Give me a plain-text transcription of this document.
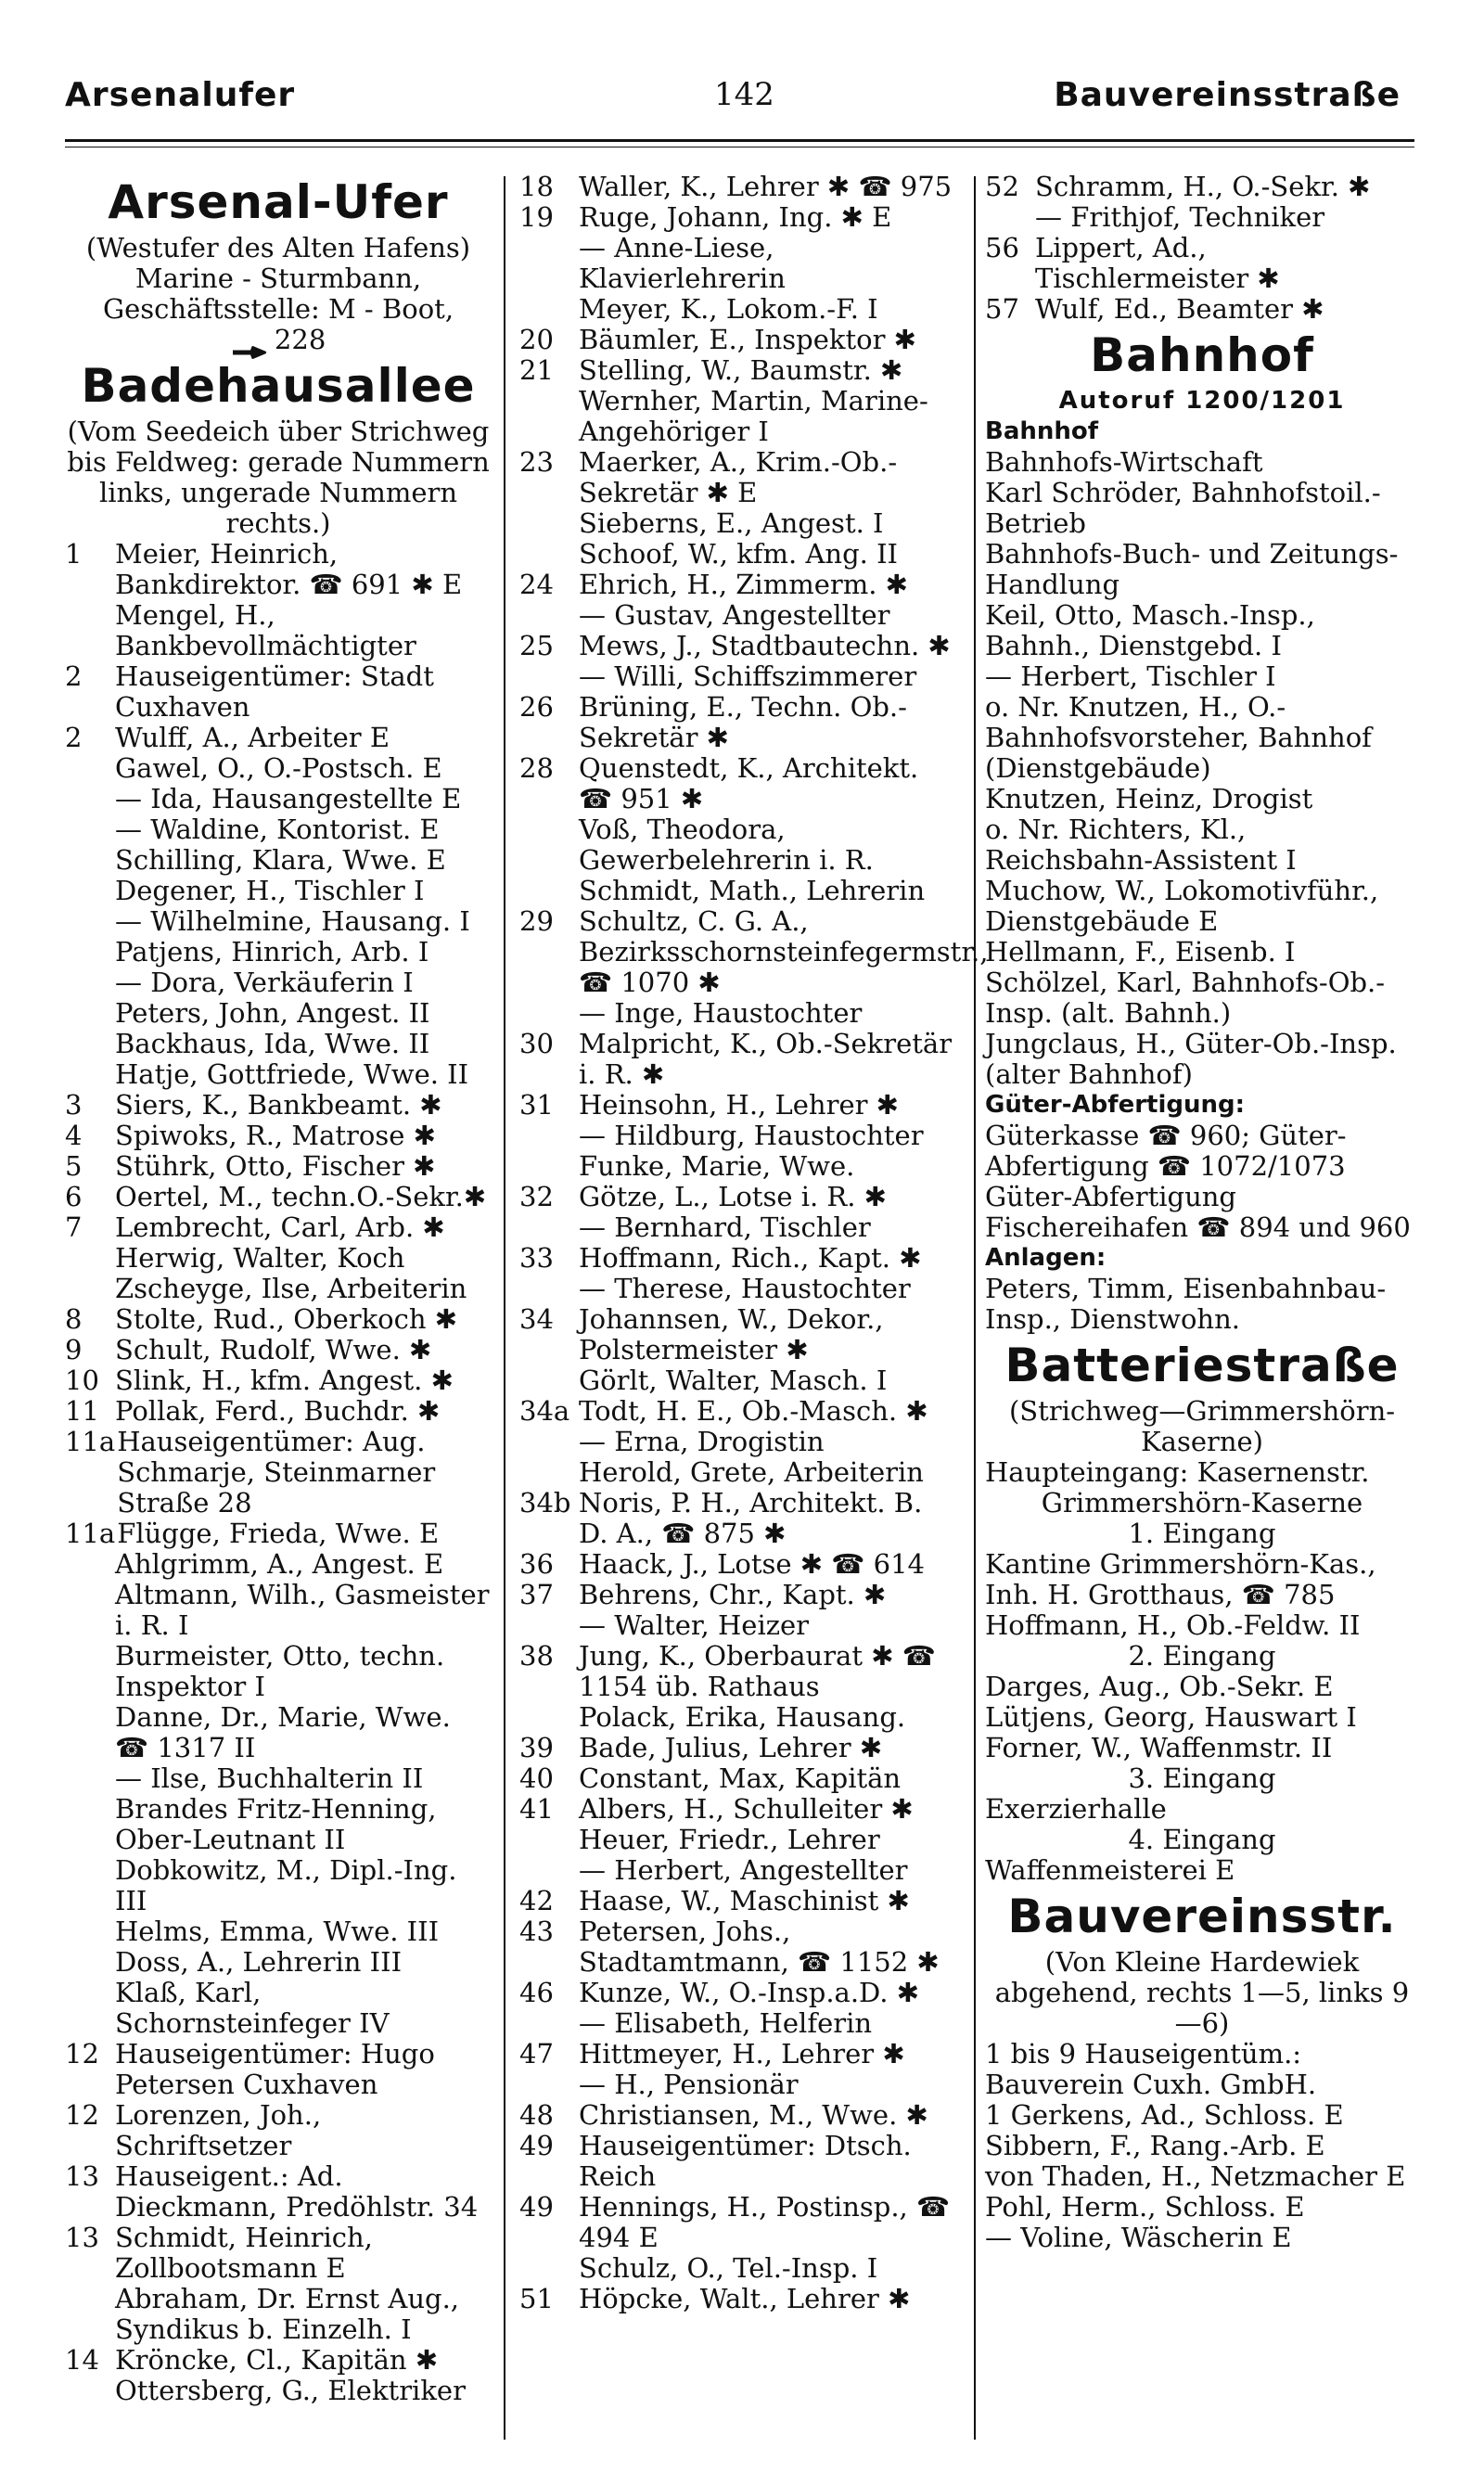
Arsenalufer	142	Bauvereinsstraße
Arsenal-Ufer
(Westufer des Alten Hafens)
Marine - Sturmbann, Geschäftsstelle: M - Boot,
228
Badehausallee
(Vom Seedeich über Strichweg bis Feldweg: gerade Nummern links, ungerade Nummern rechts.)
1	Meier, Heinrich, Bankdirektor. ☎ 691 ✱ E
Mengel, H., Bankbevollmächtigter
2	Hauseigentümer: Stadt Cuxhaven
2	Wulff, A., Arbeiter E
Gawel, O., O.-Postsch. E
— Ida, Hausangestellte E
— Waldine, Kontorist. E
Schilling, Klara, Wwe. E
Degener, H., Tischler I
— Wilhelmine, Hausang. I
Patjens, Hinrich, Arb. I
— Dora, Verkäuferin I
Peters, John, Angest. II
Backhaus, Ida, Wwe. II
Hatje, Gottfriede, Wwe. II
3	Siers, K., Bankbeamt. ✱
4	Spiwoks, R., Matrose ✱
5	Stührk, Otto, Fischer ✱
6	Oertel, M., techn.O.-Sekr.✱
7	Lembrecht, Carl, Arb. ✱
Herwig, Walter, Koch
Zscheyge, Ilse, Arbeiterin
8	Stolte, Rud., Oberkoch ✱
9	Schult, Rudolf, Wwe. ✱
10 Slink, H., kfm. Angest. ✱
11 Pollak, Ferd., Buchdr. ✱
11a Hauseigentümer: Aug. Schmarje, Steinmarner Straße 28
11a Flügge, Frieda, Wwe. E
Ahlgrimm, A., Angest. E
Altmann, Wilh., Gasmeister i. R. I
Burmeister, Otto, techn. Inspektor I
Danne, Dr., Marie, Wwe. ☎ 1317 II
— Ilse, Buchhalterin II
Brandes Fritz-Henning, Ober-Leutnant II
Dobkowitz, M., Dipl.-Ing. III
Helms, Emma, Wwe. III
Doss, A., Lehrerin III
Klaß, Karl, Schornsteinfeger IV
12 Hauseigentümer: Hugo Petersen Cuxhaven
12 Lorenzen, Joh., Schriftsetzer
13 Hauseigent.: Ad. Dieckmann, Predöhlstr. 34
13 Schmidt, Heinrich, Zollbootsmann E
Abraham, Dr. Ernst Aug., Syndikus b. Einzelh. I
14 Kröncke, Cl., Kapitän ✱
Ottersberg, G., Elektriker
18 Waller, K., Lehrer ✱ ☎ 975
19 Ruge, Johann, Ing. ✱ E
— Anne-Liese, Klavierlehrerin
Meyer, K., Lokom.-F. I
20 Bäumler, E., Inspektor ✱
21 Stelling, W., Baumstr. ✱
Wernher, Martin, Marine-Angehöriger I
23 Maerker, A., Krim.-Ob.-Sekretär ✱ E
Sieberns, E., Angest. I
Schoof, W., kfm. Ang. II
24 Ehrich, H., Zimmerm. ✱
— Gustav, Angestellter
25 Mews, J., Stadtbautechn. ✱
— Willi, Schiffszimmerer
26 Brüning, E., Techn. Ob.-Sekretär ✱
28 Quenstedt, K., Architekt. ☎ 951 ✱
Voß, Theodora, Gewerbelehrerin i. R.
Schmidt, Math., Lehrerin
29 Schultz, C. G. A., Bezirksschornsteinfegermstr., ☎ 1070 ✱
— Inge, Haustochter
30 Malpricht, K., Ob.-Sekretär i. R. ✱
31 Heinsohn, H., Lehrer ✱
— Hildburg, Haustochter
Funke, Marie, Wwe.
32 Götze, L., Lotse i. R. ✱
— Bernhard, Tischler
33 Hoffmann, Rich., Kapt. ✱
— Therese, Haustochter
34 Johannsen, W., Dekor., Polstermeister ✱
Görlt, Walter, Masch. I
34a Todt, H. E., Ob.-Masch. ✱
— Erna, Drogistin
Herold, Grete, Arbeiterin
34b Noris, P. H., Architekt. B. D. A., ☎ 875 ✱
36 Haack, J., Lotse ✱ ☎ 614
37 Behrens, Chr., Kapt. ✱
— Walter, Heizer
38 Jung, K., Oberbaurat ✱ ☎ 1154 üb. Rathaus
Polack, Erika, Hausang.
39 Bade, Julius, Lehrer ✱
40 Constant, Max, Kapitän
41 Albers, H., Schulleiter ✱
Heuer, Friedr., Lehrer
— Herbert, Angestellter
42 Haase, W., Maschinist ✱
43 Petersen, Johs., Stadtamtmann, ☎ 1152 ✱
46 Kunze, W., O.-Insp.a.D. ✱
— Elisabeth, Helferin
47 Hittmeyer, H., Lehrer ✱
— H., Pensionär
48 Christiansen, M., Wwe. ✱
49 Hauseigentümer: Dtsch. Reich
49 Hennings, H., Postinsp., ☎ 494 E
Schulz, O., Tel.-Insp. I
51 Höpcke, Walt., Lehrer ✱
52 Schramm, H., O.-Sekr. ✱
— Frithjof, Techniker
56 Lippert, Ad., Tischlermeister ✱
57 Wulf, Ed., Beamter ✱
Bahnhof
Autoruf 1200/1201
Bahnhof
Bahnhofs-Wirtschaft
Karl Schröder, Bahnhofstoil.-Betrieb
Bahnhofs-Buch- und Zeitungs-Handlung
Keil, Otto, Masch.-Insp., Bahnh., Dienstgebd. I
— Herbert, Tischler I
o. Nr. Knutzen, H., O.-Bahnhofsvorsteher, Bahnhof (Dienstgebäude)
Knutzen, Heinz, Drogist
o. Nr. Richters, Kl., Reichsbahn-Assistent I
Muchow, W., Lokomotivführ., Dienstgebäude E
Hellmann, F., Eisenb. I
Schölzel, Karl, Bahnhofs-Ob.-Insp. (alt. Bahnh.)
Jungclaus, H., Güter-Ob.-Insp. (alter Bahnhof)
Güter-Abfertigung:
Güterkasse ☎ 960; Güter-Abfertigung ☎ 1072/1073
Güter-Abfertigung Fischereihafen ☎ 894 und 960
Anlagen:
Peters, Timm, Eisenbahnbau-Insp., Dienstwohn.
Batteriestraße
(Strichweg—Grimmershörn-Kaserne)
Haupteingang: Kasernenstr.
Grimmershörn-Kaserne
1. Eingang
Kantine Grimmershörn-Kas., Inh. H. Grotthaus, ☎ 785
Hoffmann, H., Ob.-Feldw. II
2. Eingang
Darges, Aug., Ob.-Sekr. E
Lütjens, Georg, Hauswart I
Forner, W., Waffenmstr. II
3. Eingang
Exerzierhalle
4. Eingang
Waffenmeisterei E
Bauvereinsstr.
(Von Kleine Hardewiek abgehend, rechts 1—5, links 9—6)
1 bis 9 Hauseigentüm.: Bauverein Cuxh. GmbH.
1 Gerkens, Ad., Schloss. E
Sibbern, F., Rang.-Arb. E
von Thaden, H., Netzmacher E
Pohl, Herm., Schloss. E
— Voline, Wäscherin E
